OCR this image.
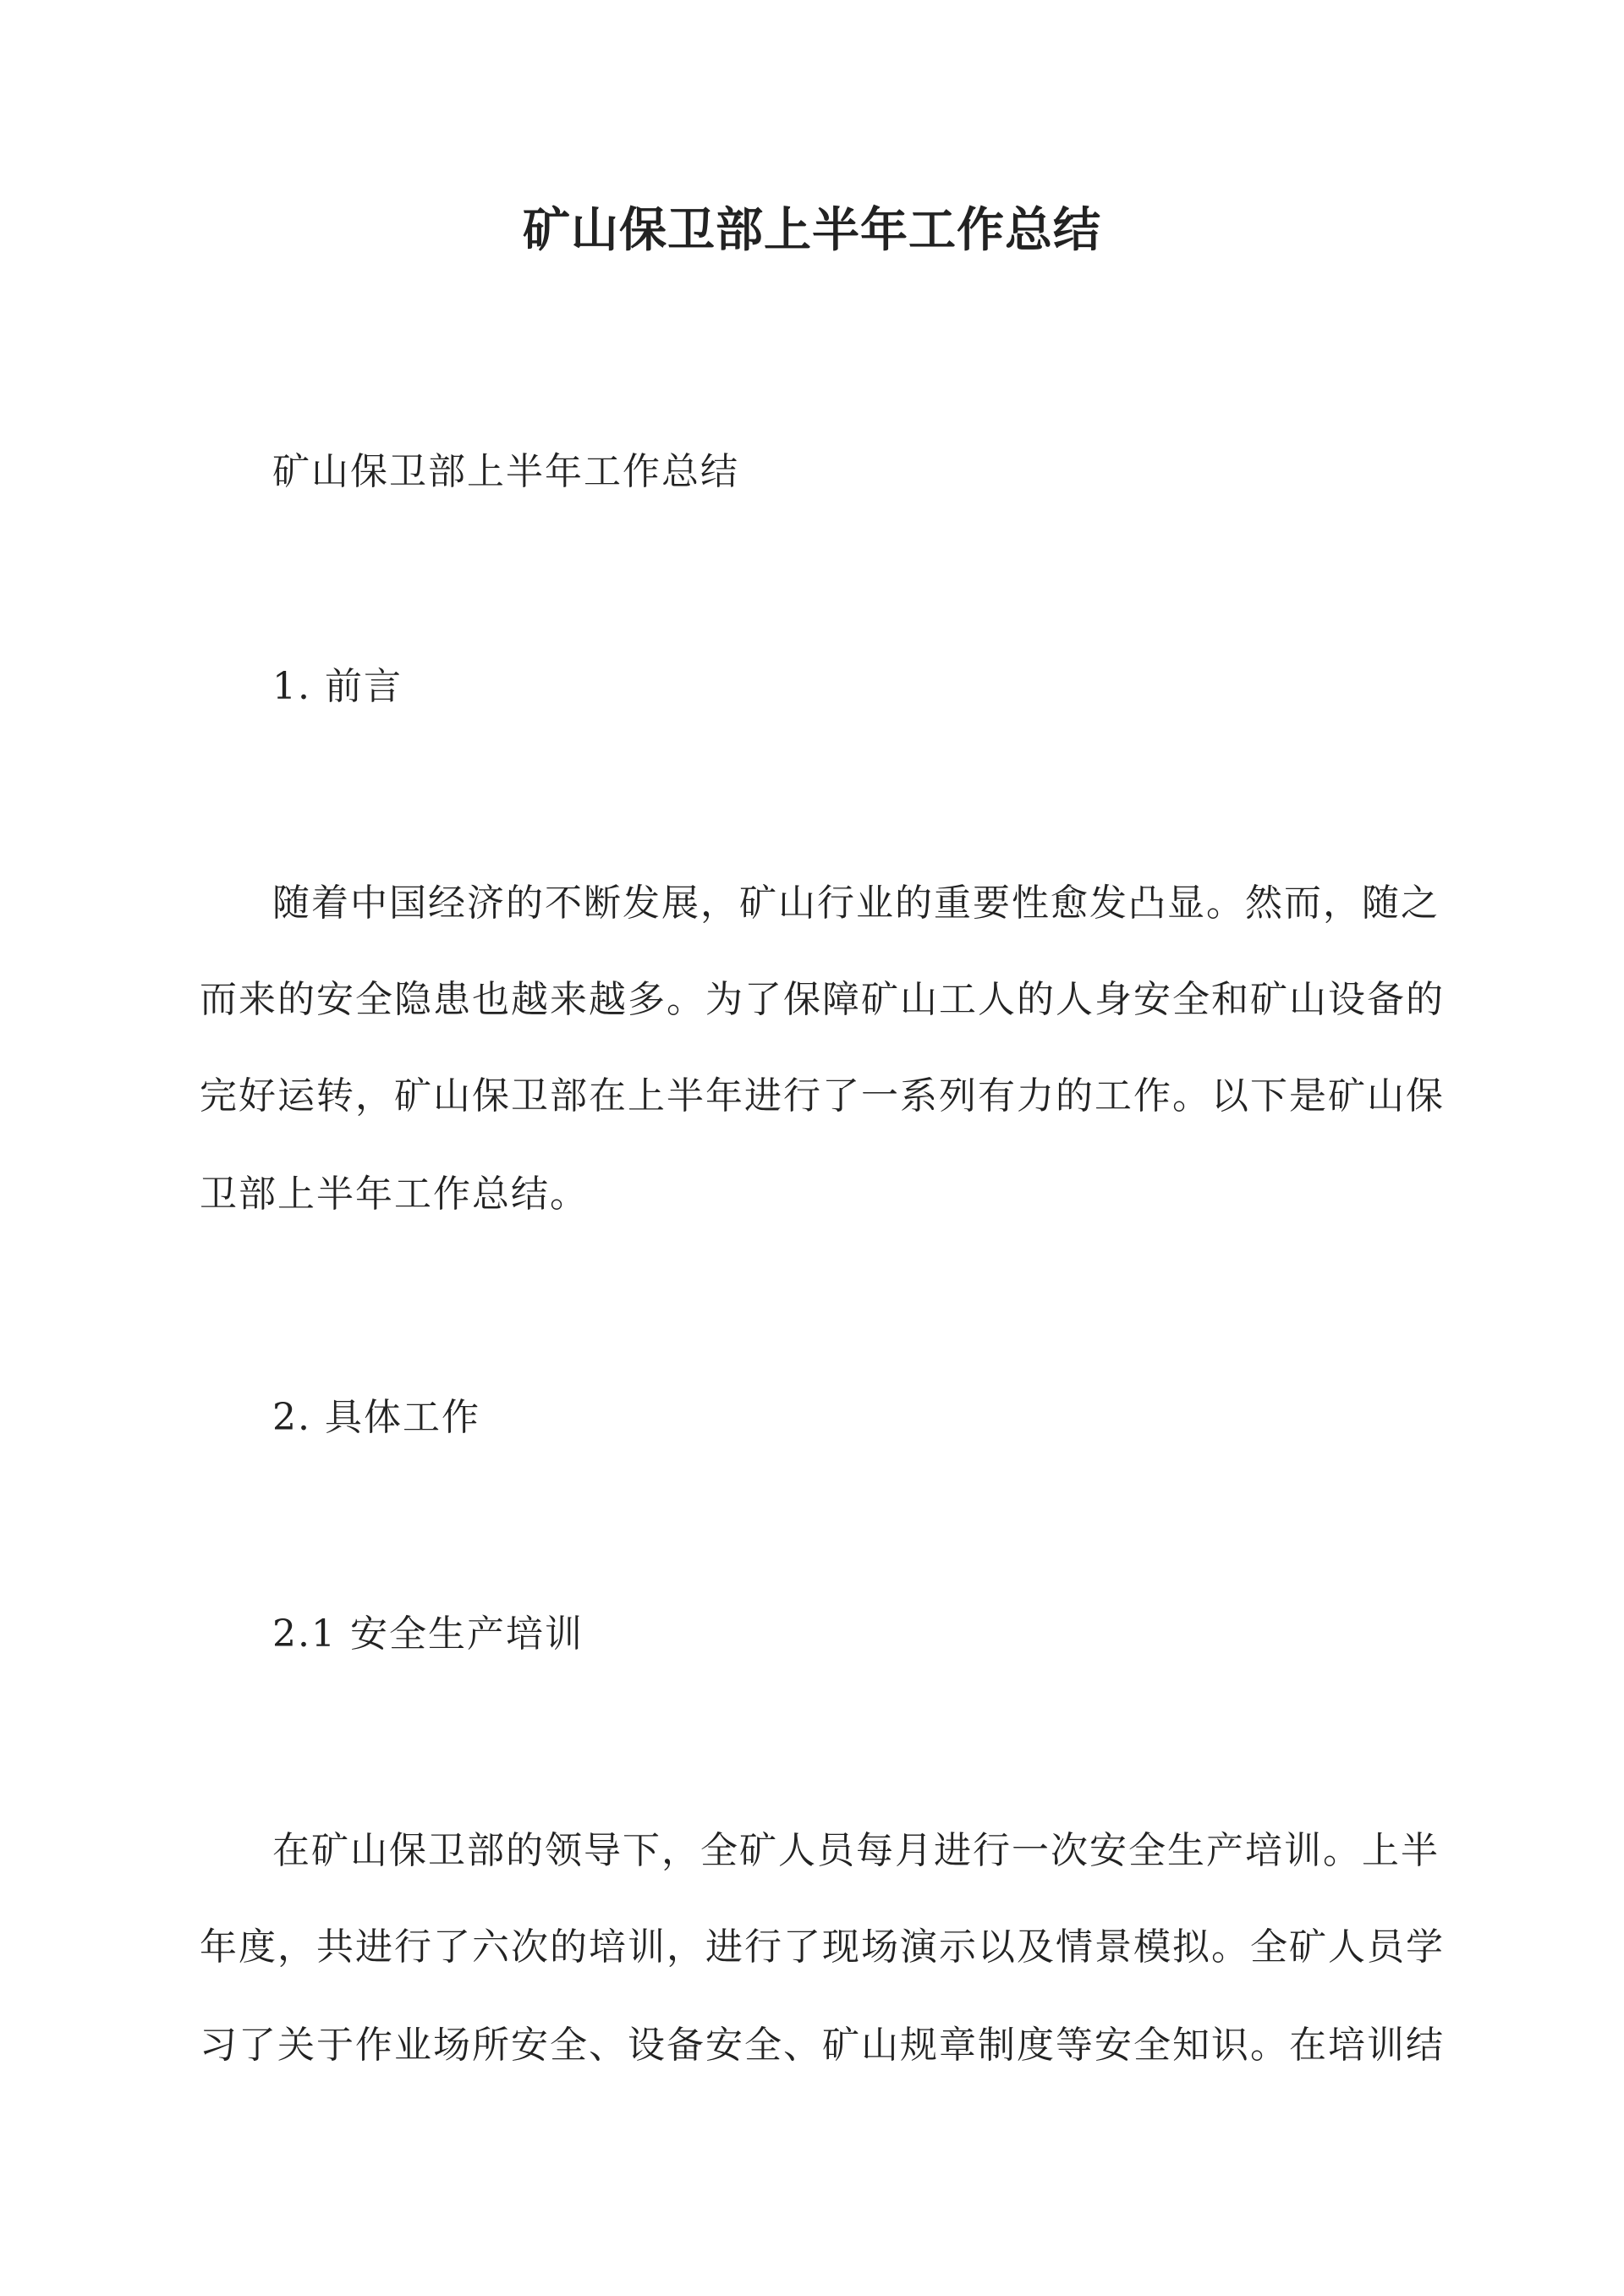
矿山保卫部上半年工作总结
矿山保卫部上半年工作总结
1. 前言
随着中国经济的不断发展，矿山行业的重要性愈发凸显。然而，随之
而来的安全隐患也越来越多。为了保障矿山工人的人身安全和矿山设备的
完好运转，矿山保卫部在上半年进行了一系列有力的工作。以下是矿山保
卫部上半年工作总结。
2. 具体工作
2.1 安全生产培训
在矿山保卫部的领导下，全矿人员每月进行一次安全生产培训。上半
年度，共进行了六次的培训，进行了现场演示以及情景模拟。全矿人员学
习了关于作业场所安全、设备安全、矿山规章制度等安全知识。在培训结
